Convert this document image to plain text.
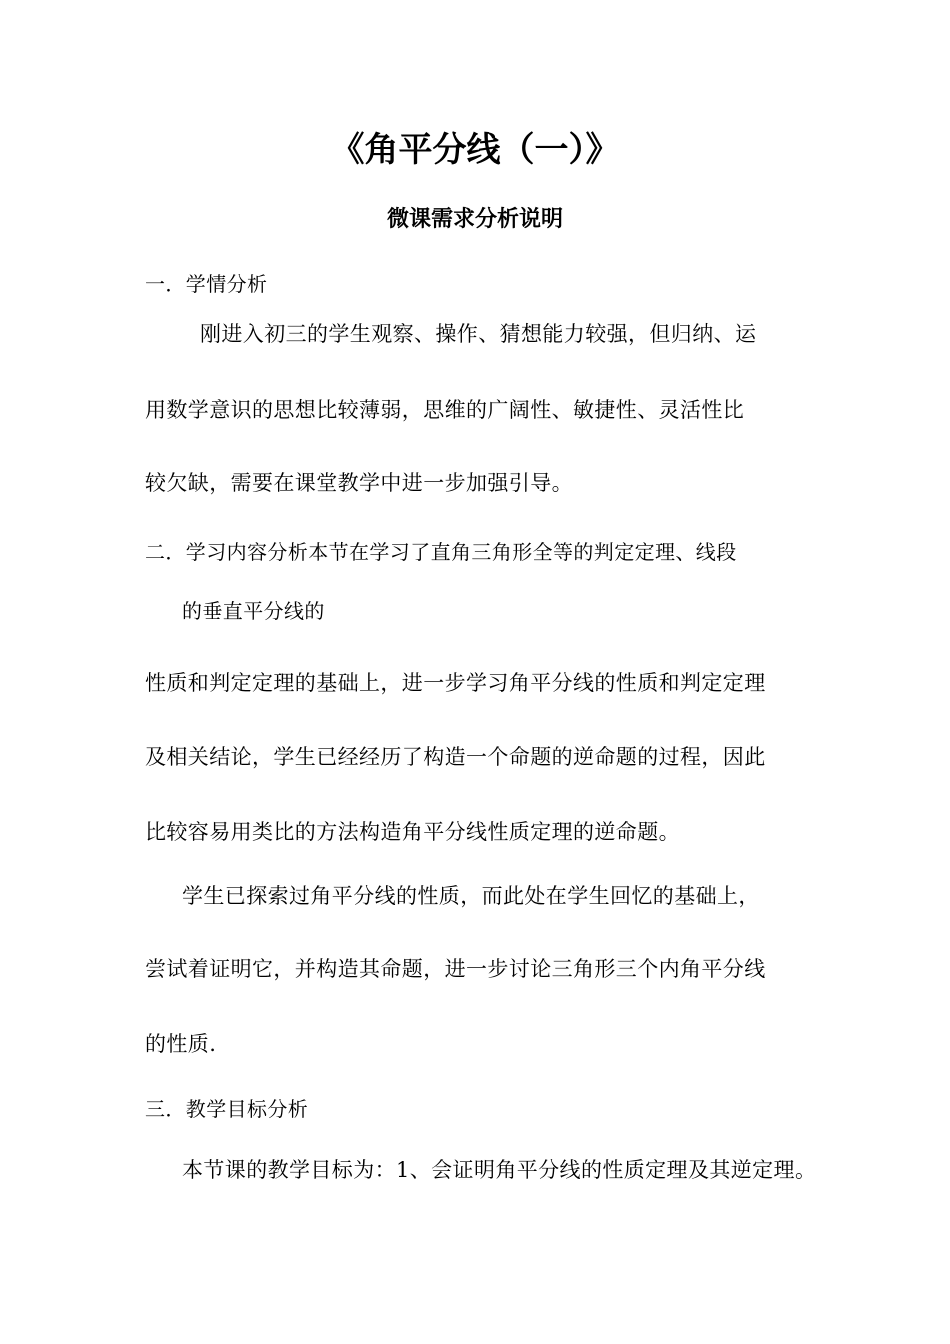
《角平分线（一）》
微课需求分析说明
一．学情分析
刚进入初三的学生观察、操作、猜想能力较强，但归纳、运
用数学意识的思想比较薄弱，思维的广阔性、敏捷性、灵活性比
较欠缺，需要在课堂教学中进一步加强引导。
二．学习内容分析本节在学习了直角三角形全等的判定定理、线段
的垂直平分线的
性质和判定定理的基础上，进一步学习角平分线的性质和判定定理
及相关结论，学生已经经历了构造一个命题的逆命题的过程，因此
比较容易用类比的方法构造角平分线性质定理的逆命题。
学生已探索过角平分线的性质，而此处在学生回忆的基础上，
尝试着证明它，并构造其命题，进一步讨论三角形三个内角平分线
的性质.
三．教学目标分析
本节课的教学目标为：1、会证明角平分线的性质定理及其逆定理。
